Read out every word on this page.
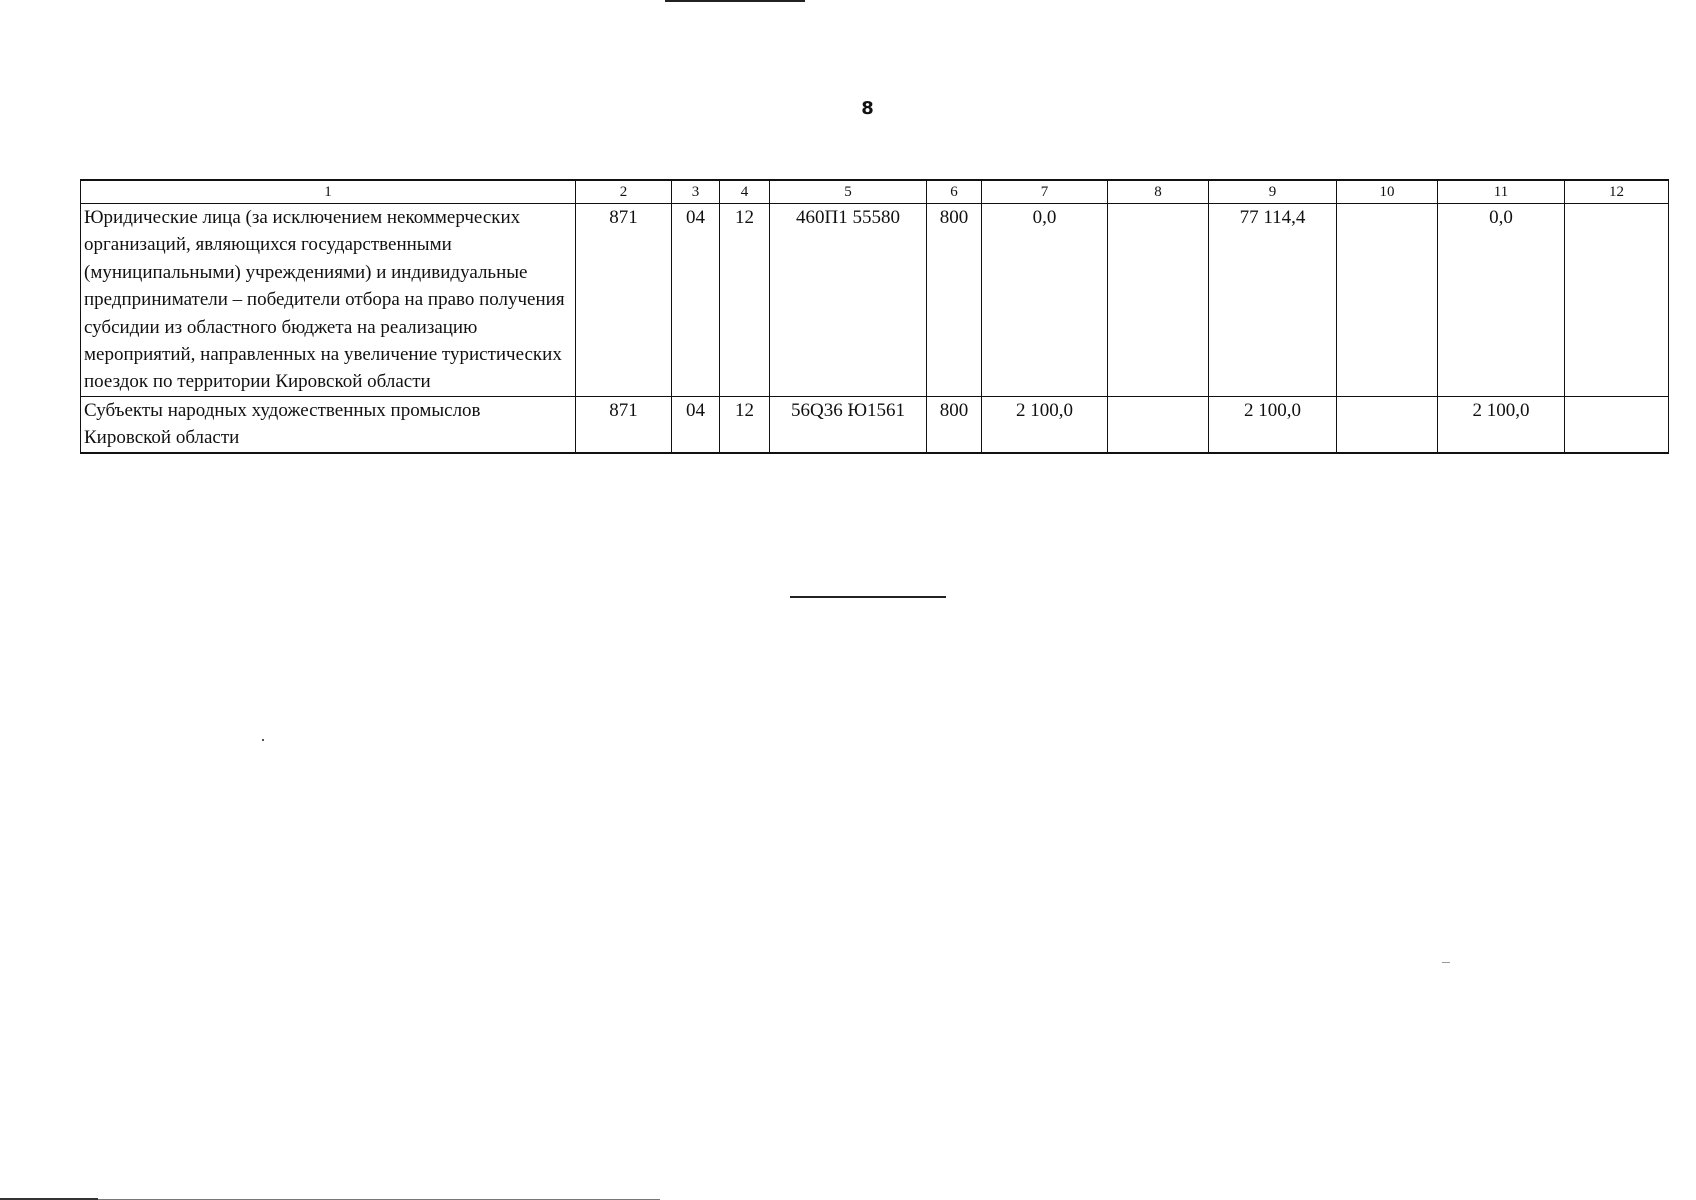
8
1	2	3	4	5	6	7	8	9	10	11	12
Юридические лица (за исключением некоммерческих организаций, являющихся государственными (муниципальными) учреждениями) и индивидуальные предприниматели – победители отбора на право получения субсидии из областного бюджета на реализацию мероприятий, направленных на увеличение туристических поездок по территории Кировской области	871	04	12	460П1 55580	800	0,0		77 114,4		0,0	
Субъекты народных художественных промыслов Кировской области	871	04	12	56Q36 Ю1561	800	2 100,0		2 100,0		2 100,0	
